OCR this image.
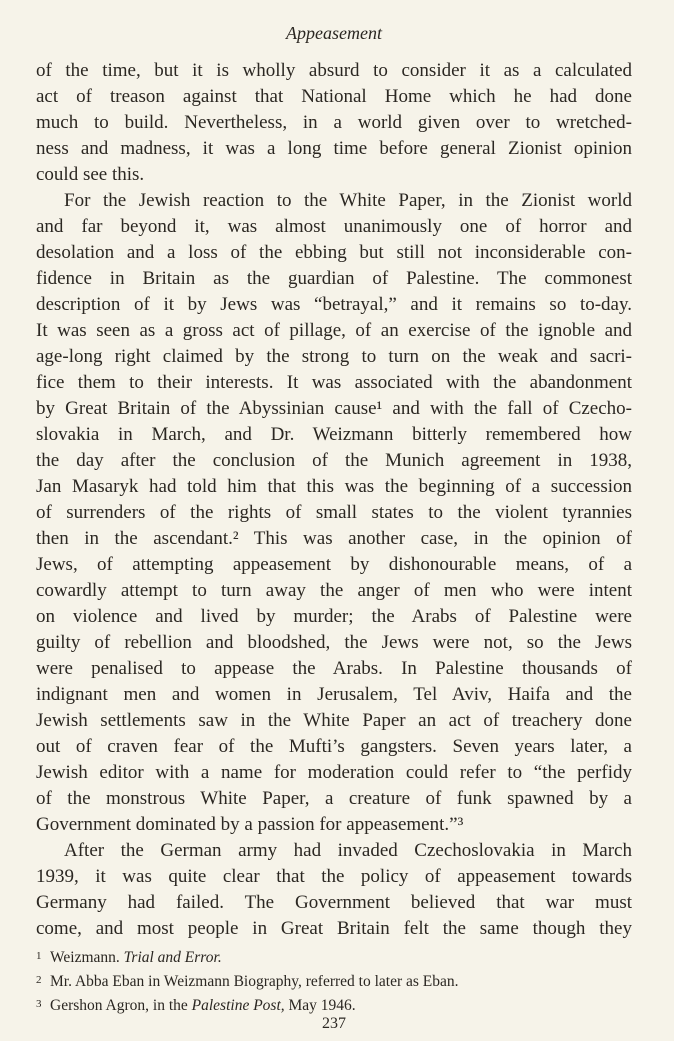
Appeasement
of the time, but it is wholly absurd to consider it as a calculated
act of treason against that National Home which he had done
much to build. Nevertheless, in a world given over to wretched-
ness and madness, it was a long time before general Zionist opinion
could see this.
For the Jewish reaction to the White Paper, in the Zionist world
and far beyond it, was almost unanimously one of horror and
desolation and a loss of the ebbing but still not inconsiderable con-
fidence in Britain as the guardian of Palestine. The commonest
description of it by Jews was “betrayal,” and it remains so to-day.
It was seen as a gross act of pillage, of an exercise of the ignoble and
age-long right claimed by the strong to turn on the weak and sacri-
fice them to their interests. It was associated with the abandonment
by Great Britain of the Abyssinian cause¹ and with the fall of Czecho-
slovakia in March, and Dr. Weizmann bitterly remembered how
the day after the conclusion of the Munich agreement in 1938,
Jan Masaryk had told him that this was the beginning of a succession
of surrenders of the rights of small states to the violent tyrannies
then in the ascendant.² This was another case, in the opinion of
Jews, of attempting appeasement by dishonourable means, of a
cowardly attempt to turn away the anger of men who were intent
on violence and lived by murder; the Arabs of Palestine were
guilty of rebellion and bloodshed, the Jews were not, so the Jews
were penalised to appease the Arabs. In Palestine thousands of
indignant men and women in Jerusalem, Tel Aviv, Haifa and the
Jewish settlements saw in the White Paper an act of treachery done
out of craven fear of the Mufti’s gangsters. Seven years later, a
Jewish editor with a name for moderation could refer to “the perfidy
of the monstrous White Paper, a creature of funk spawned by a
Government dominated by a passion for appeasement.”³
After the German army had invaded Czechoslovakia in March
1939, it was quite clear that the policy of appeasement towards
Germany had failed. The Government believed that war must
come, and most people in Great Britain felt the same though they
1 Weizmann. Trial and Error.
2 Mr. Abba Eban in Weizmann Biography, referred to later as Eban.
3 Gershon Agron, in the Palestine Post, May 1946.
237
